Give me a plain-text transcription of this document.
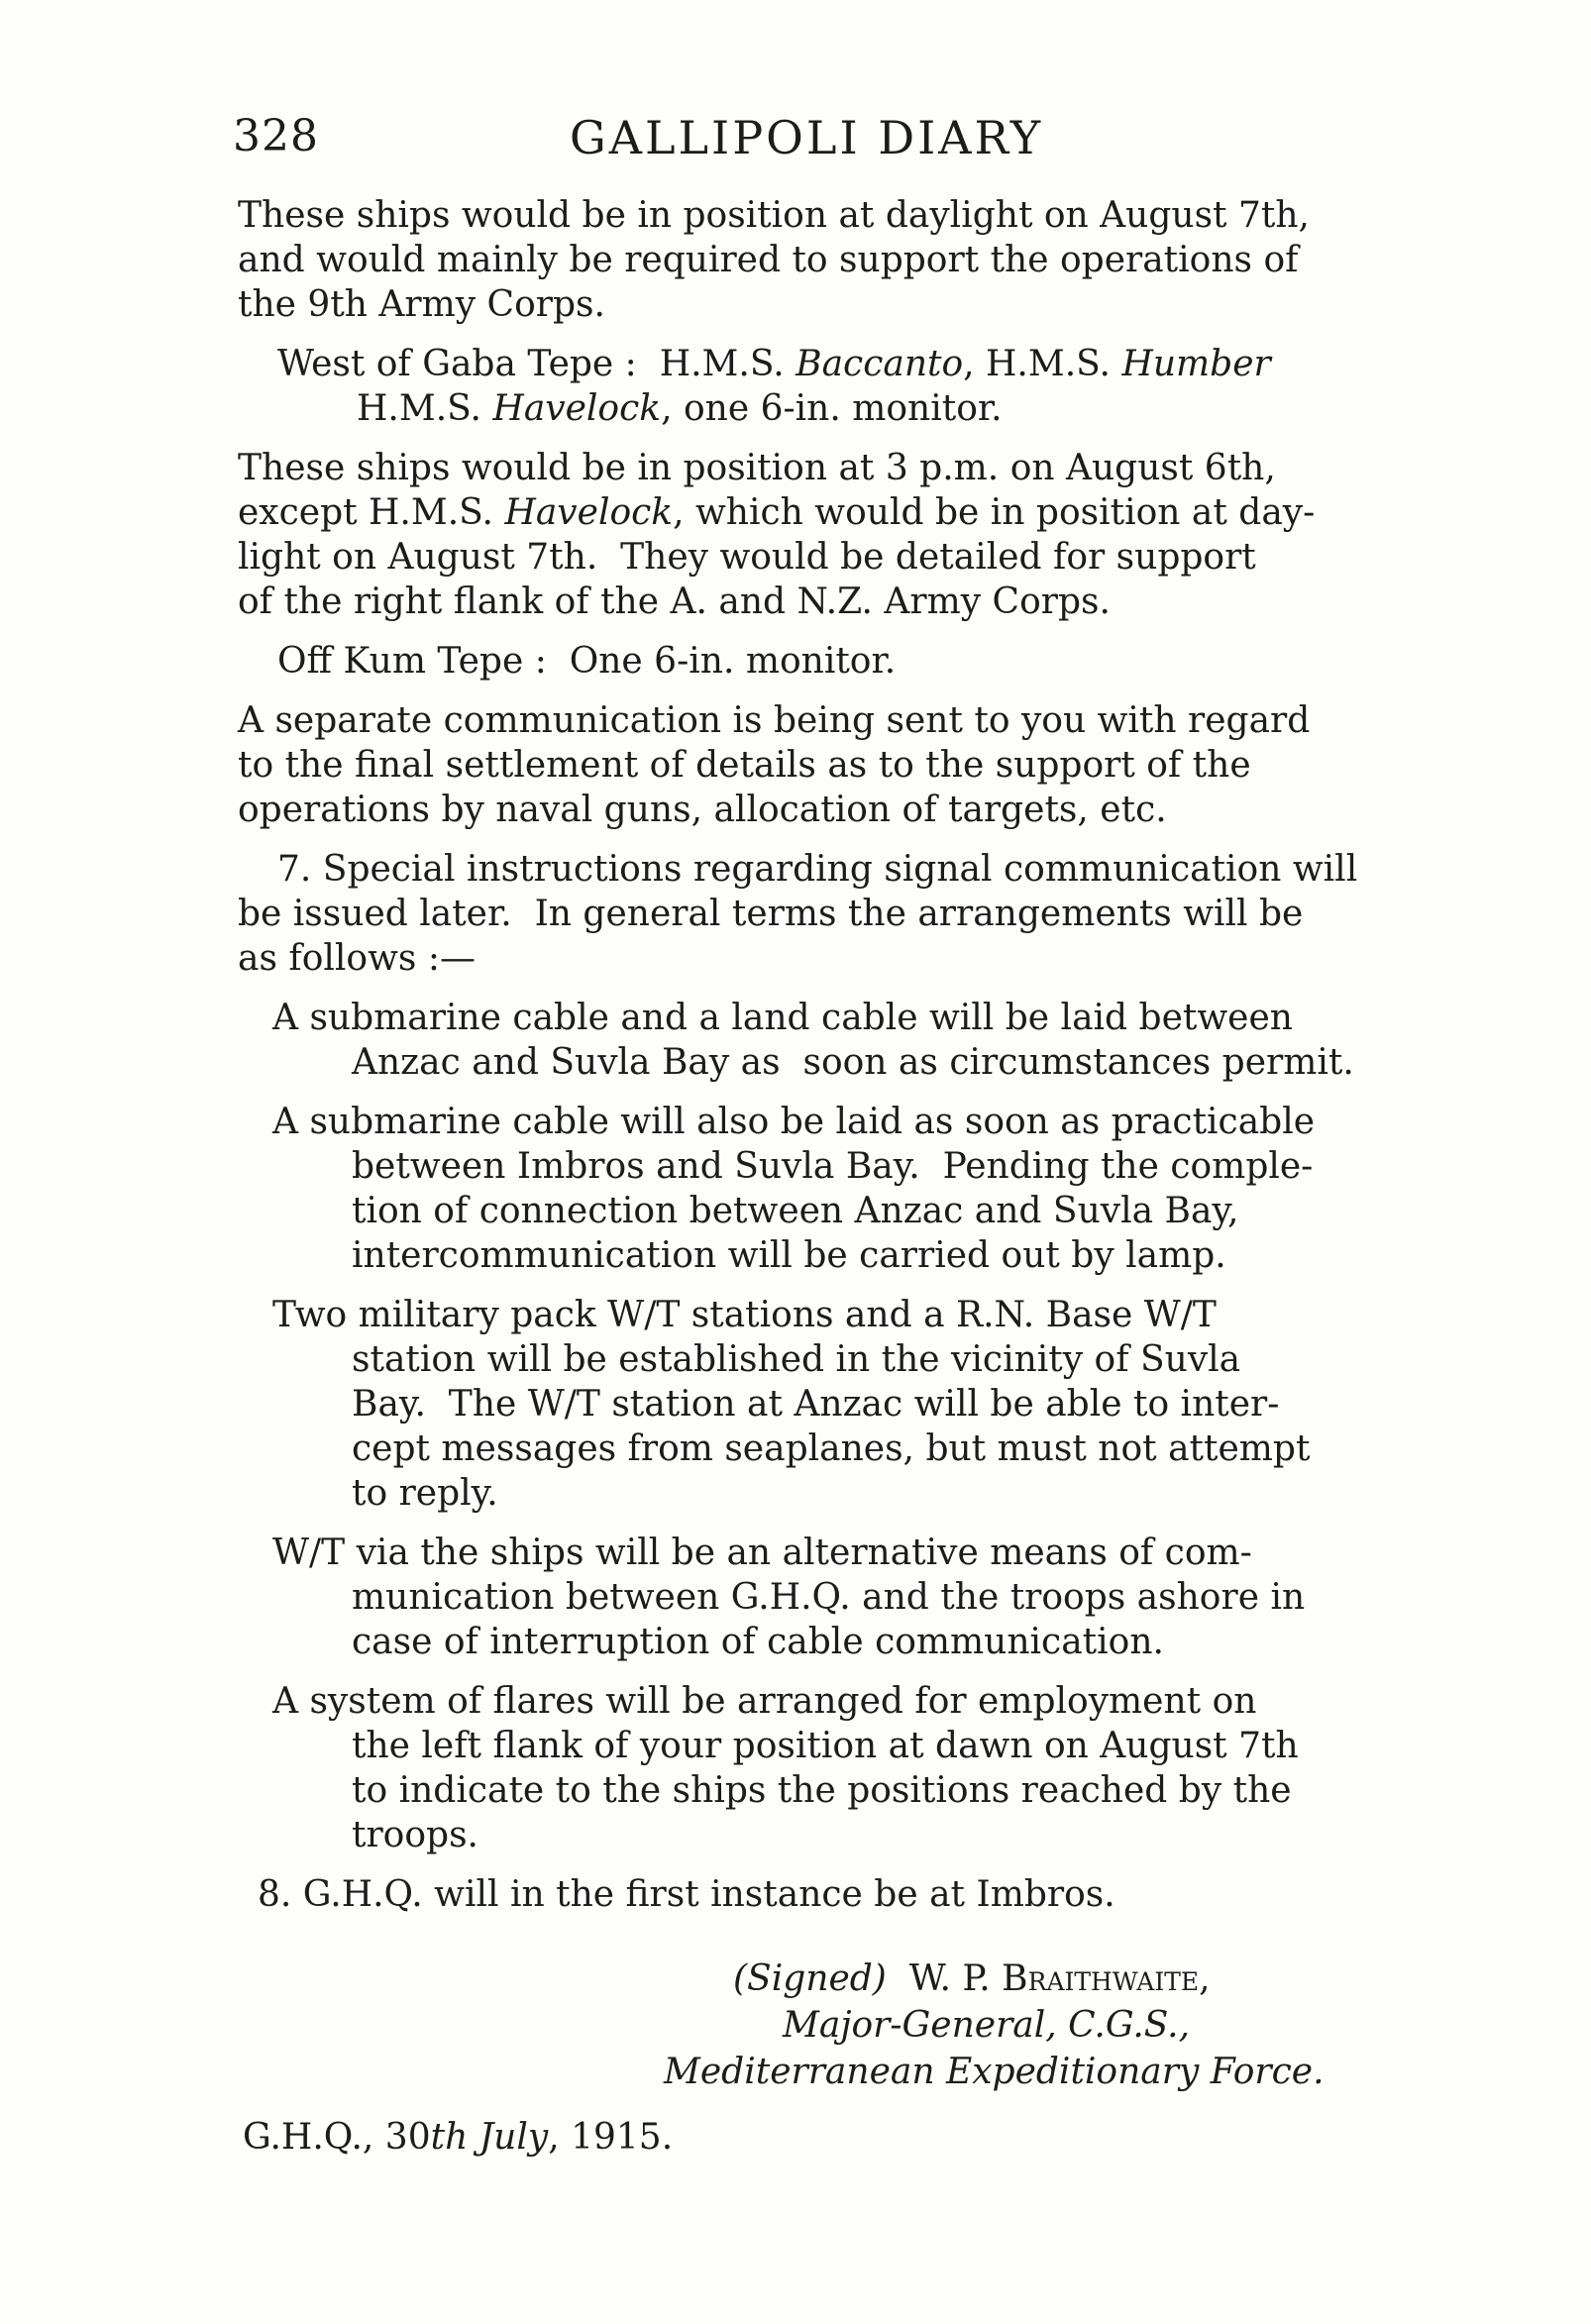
328	GALLIPOLI DIARY
These ships would be in position at daylight on August 7th,
and would mainly be required to support the operations of
the 9th Army Corps.
West of Gaba Tepe :  H.M.S. Baccanto, H.M.S. Humber
H.M.S. Havelock, one 6-in. monitor.
These ships would be in position at 3 p.m. on August 6th,
except H.M.S. Havelock, which would be in position at day-
light on August 7th.  They would be detailed for support
of the right flank of the A. and N.Z. Army Corps.
Off Kum Tepe :  One 6-in. monitor.
A separate communication is being sent to you with regard
to the final settlement of details as to the support of the
operations by naval guns, allocation of targets, etc.
7. Special instructions regarding signal communication will
be issued later.  In general terms the arrangements will be
as follows :—
A submarine cable and a land cable will be laid between
Anzac and Suvla Bay as  soon as circumstances permit.
A submarine cable will also be laid as soon as practicable
between Imbros and Suvla Bay.  Pending the comple-
tion of connection between Anzac and Suvla Bay,
intercommunication will be carried out by lamp.
Two military pack W/T stations and a R.N. Base W/T
station will be established in the vicinity of Suvla
Bay.  The W/T station at Anzac will be able to inter-
cept messages from seaplanes, but must not attempt
to reply.
W/T via the ships will be an alternative means of com-
munication between G.H.Q. and the troops ashore in
case of interruption of cable communication.
A system of flares will be arranged for employment on
the left flank of your position at dawn on August 7th
to indicate to the ships the positions reached by the
troops.
8. G.H.Q. will in the first instance be at Imbros.
(Signed) W. P. Braithwaite,
Major-General, C.G.S.,
Mediterranean Expeditionary Force.
G.H.Q., 30th July, 1915.
